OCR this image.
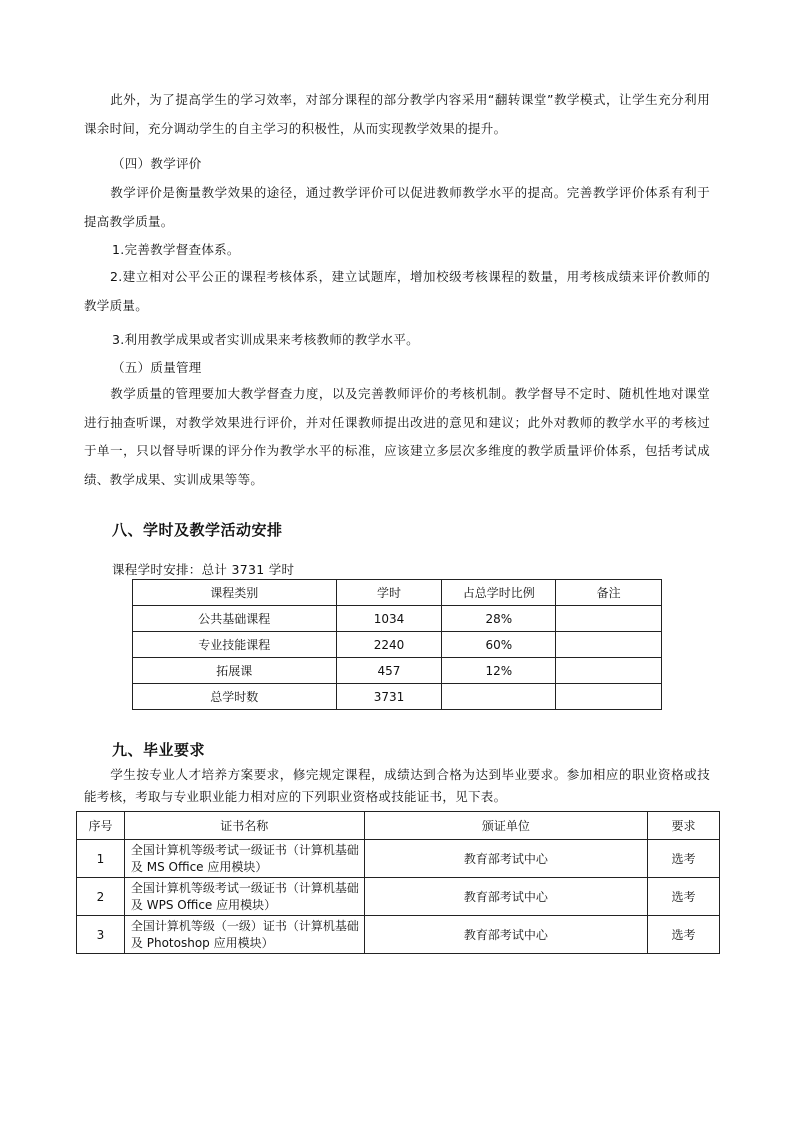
此外，为了提高学生的学习效率，对部分课程的部分教学内容采用“翻转课堂”教学模式，让学生充分利用课余时间，充分调动学生的自主学习的积极性，从而实现教学效果的提升。
（四）教学评价
教学评价是衡量教学效果的途径，通过教学评价可以促进教师教学水平的提高。完善教学评价体系有利于提高教学质量。
1.完善教学督查体系。
2.建立相对公平公正的课程考核体系，建立试题库，增加校级考核课程的数量，用考核成绩来评价教师的教学质量。
3.利用教学成果或者实训成果来考核教师的教学水平。
（五）质量管理
教学质量的管理要加大教学督查力度，以及完善教师评价的考核机制。教学督导不定时、随机性地对课堂进行抽查听课，对教学效果进行评价，并对任课教师提出改进的意见和建议；此外对教师的教学水平的考核过于单一，只以督导听课的评分作为教学水平的标准，应该建立多层次多维度的教学质量评价体系，包括考试成绩、教学成果、实训成果等等。
八、学时及教学活动安排
课程学时安排：总计 3731 学时
课程类别	学时	占总学时比例	备注
公共基础课程	1034	28%	
专业技能课程	2240	60%	
拓展课	457	12%	
总学时数	3731		
九、毕业要求
学生按专业人才培养方案要求，修完规定课程，成绩达到合格为达到毕业要求。参加相应的职业资格或技能考核，考取与专业职业能力相对应的下列职业资格或技能证书，见下表。
序号	证书名称	颁证单位	要求
1	全国计算机等级考试一级证书（计算机基础及 MS Office 应用模块）	教育部考试中心	选考
2	全国计算机等级考试一级证书（计算机基础及 WPS Office 应用模块）	教育部考试中心	选考
3	全国计算机等级（一级）证书（计算机基础及 Photoshop 应用模块）	教育部考试中心	选考
